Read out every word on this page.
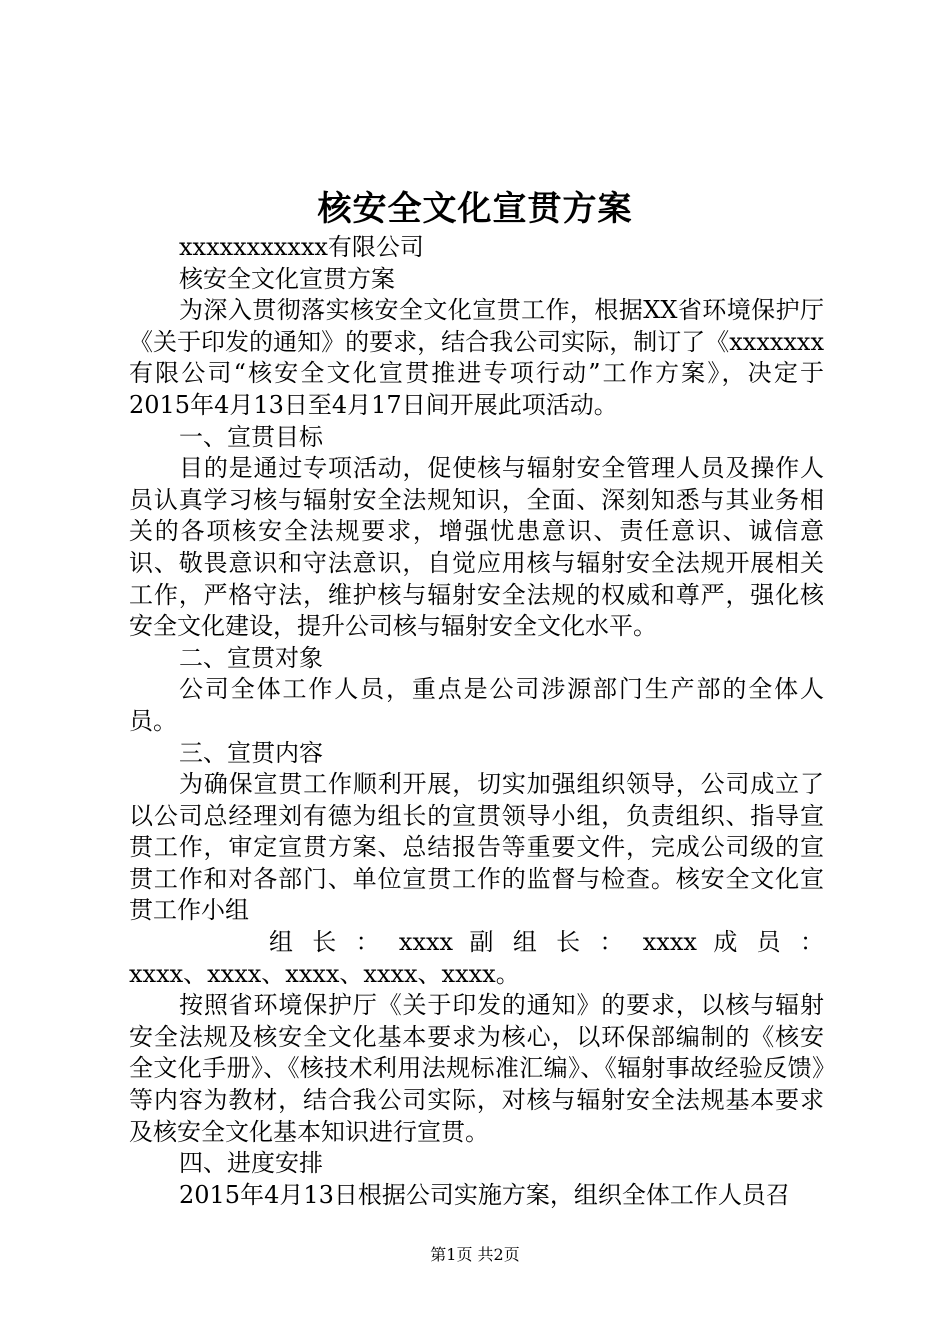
核安全文化宣贯方案

xxxxxxxxxxx有限公司

核安全文化宣贯方案

为深入贯彻落实核安全文化宣贯工作，根据XX省环境保护厅《关于印发的通知》的要求，结合我公司实际，制订了《xxxxxxx有限公司“核安全文化宣贯推进专项行动”工作方案》，决定于2015年4月13日至4月17日间开展此项活动。

一、宣贯目标

目的是通过专项活动，促使核与辐射安全管理人员及操作人员认真学习核与辐射安全法规知识，全面、深刻知悉与其业务相关的各项核安全法规要求，增强忧患意识、责任意识、诚信意识、敬畏意识和守法意识，自觉应用核与辐射安全法规开展相关工作，严格守法，维护核与辐射安全法规的权威和尊严，强化核安全文化建设，提升公司核与辐射安全文化水平。

二、宣贯对象

公司全体工作人员，重点是公司涉源部门生产部的全体人员。

三、宣贯内容

为确保宣贯工作顺利开展，切实加强组织领导，公司成立了以公司总经理刘有德为组长的宣贯领导小组，负责组织、指导宣贯工作，审定宣贯方案、总结报告等重要文件，完成公司级的宣贯工作和对各部门、单位宣贯工作的监督与检查。核安全文化宣贯工作小组

组 长 ： xxxx 副 组 长 ： xxxx 成 员 ： xxxx、xxxx、xxxx、xxxx、xxxx。

按照省环境保护厅《关于印发的通知》的要求，以核与辐射安全法规及核安全文化基本要求为核心，以环保部编制的《核安全文化手册》、《核技术利用法规标准汇编》、《辐射事故经验反馈》等内容为教材，结合我公司实际，对核与辐射安全法规基本要求及核安全文化基本知识进行宣贯。

四、进度安排

2015年4月13日根据公司实施方案，组织全体工作人员召

第1页 共2页
